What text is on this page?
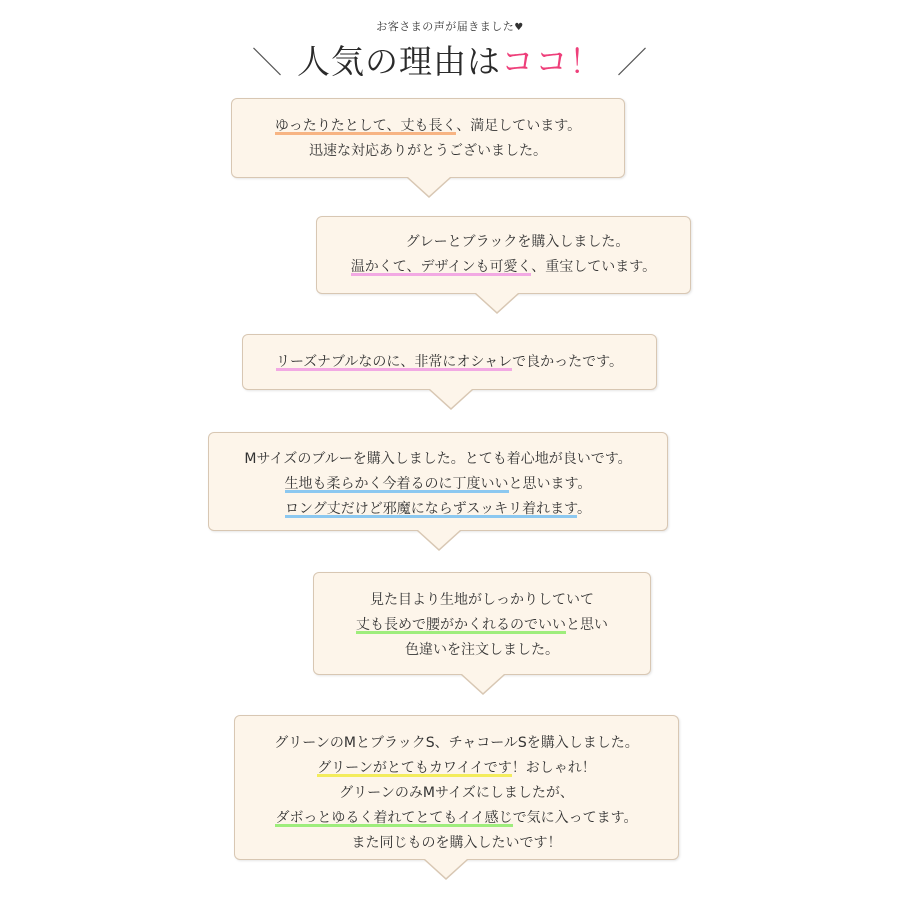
お客さまの声が届きました♥
＼ 人気の理由はココ！ ／
ゆったりたとして、丈も長く、満足しています。
迅速な対応ありがとうございました。
グレーとブラックを購入しました。
温かくて、デザインも可愛く、重宝しています。
リーズナブルなのに、非常にオシャレで良かったです。
Mサイズのブルーを購入しました。とても着心地が良いです。
生地も柔らかく今着るのに丁度いいと思います。
ロング丈だけど邪魔にならずスッキリ着れます。
見た目より生地がしっかりしていて
丈も長めで腰がかくれるのでいいと思い
色違いを注文しました。
グリーンのMとブラックS、チャコールSを購入しました。
グリーンがとてもカワイイです！おしゃれ！
グリーンのみMサイズにしましたが、
ダボっとゆるく着れてとてもイイ感じで気に入ってます。
また同じものを購入したいです！
